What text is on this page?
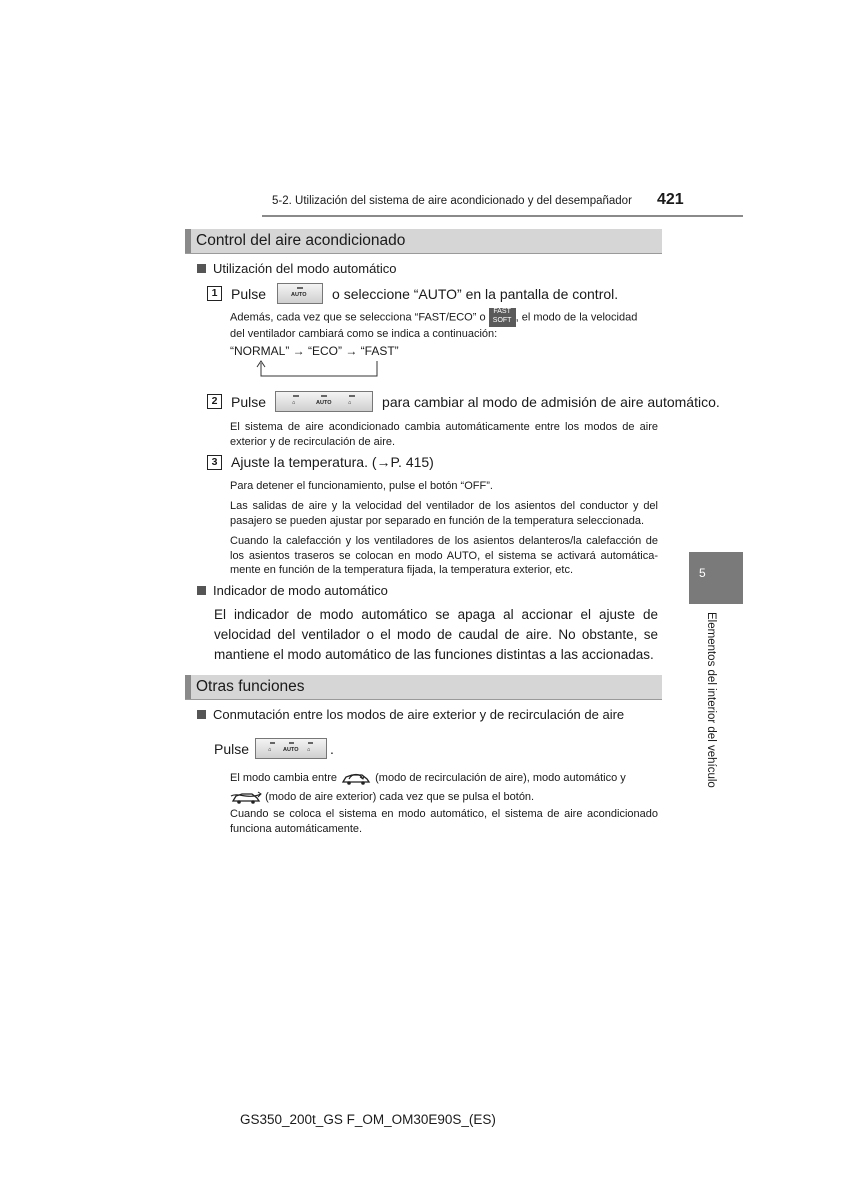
5-2. Utilización del sistema de aire acondicionado y del desempañador 421
Control del aire acondicionado
Utilización del modo automático
1 Pulse	AUTO o seleccione “AUTO” en la pantalla de control.
Además, cada vez que se selecciona “FAST/ECO” o FAST
SOFT , el modo de la velocidad
del ventilador cambiará como se indica a continuación:
“NORMAL” → “ECO” → “FAST”
2 Pulse	⌂	AUTO	⌂ para cambiar al modo de admisión de aire automático.
El sistema de aire acondicionado cambia automáticamente entre los modos de aire exterior y de recirculación de aire.
3 Ajuste la temperatura. (→P. 415)
Para detener el funcionamiento, pulse el botón “OFF”.
Las salidas de aire y la velocidad del ventilador de los asientos del conductor y del pasajero se pueden ajustar por separado en función de la temperatura seleccionada.
Cuando la calefacción y los ventiladores de los asientos delanteros/la calefacción de los asientos traseros se colocan en modo AUTO, el sistema se activará automática-mente en función de la temperatura fijada, la temperatura exterior, etc.
Indicador de modo automático
El indicador de modo automático se apaga al accionar el ajuste de velocidad del ventilador o el modo de caudal de aire. No obstante, se mantiene el modo automático de las funciones distintas a las accionadas.
Otras funciones
Conmutación entre los modos de aire exterior y de recirculación de aire
Pulse	⌂ AUTO ⌂ .
El modo cambia entre	(modo de recirculación de aire), modo automático y
(modo de aire exterior) cada vez que se pulsa el botón.
Cuando se coloca el sistema en modo automático, el sistema de aire acondicionado funciona automáticamente.
5
Elementos del interior del vehículo
GS350_200t_GS F_OM_OM30E90S_(ES)
